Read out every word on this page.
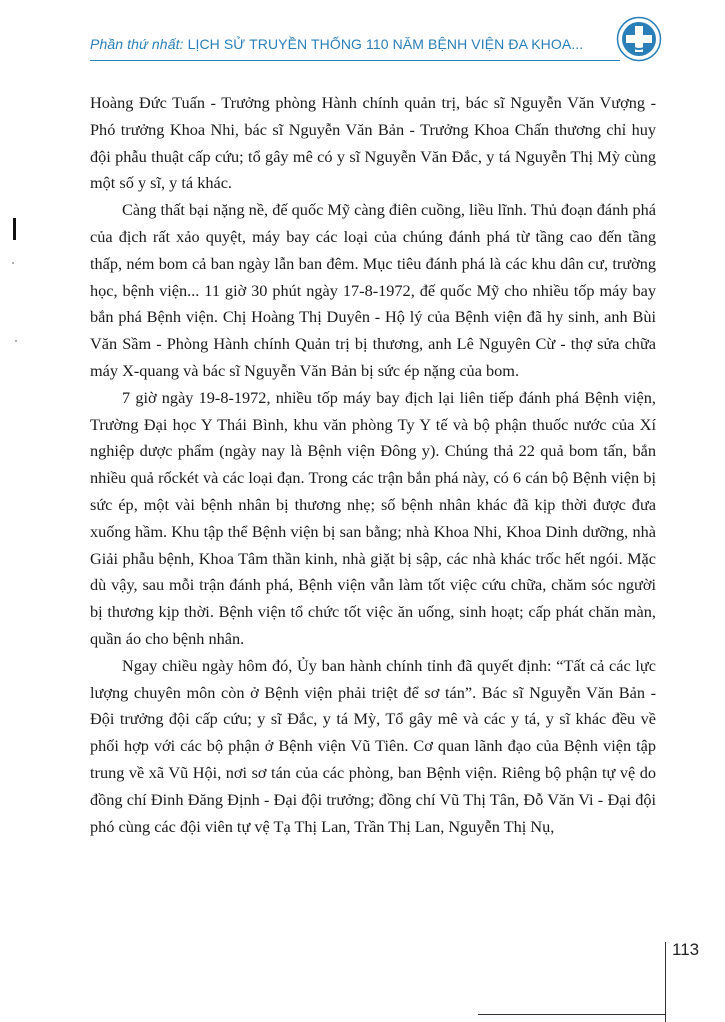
Phần thứ nhất: LỊCH SỬ TRUYỀN THỐNG 110 NĂM BỆNH VIỆN ĐA KHOA...

Hoàng Đức Tuấn - Trưởng phòng Hành chính quản trị, bác sĩ Nguyễn Văn Vượng - Phó trưởng Khoa Nhi, bác sĩ Nguyễn Văn Bản - Trưởng Khoa Chấn thương chỉ huy đội phẫu thuật cấp cứu; tổ gây mê có y sĩ Nguyễn Văn Đắc, y tá Nguyễn Thị Mỳ cùng một số y sĩ, y tá khác.

Càng thất bại nặng nề, đế quốc Mỹ càng điên cuồng, liều lĩnh. Thủ đoạn đánh phá của địch rất xảo quyệt, máy bay các loại của chúng đánh phá từ tầng cao đến tầng thấp, ném bom cả ban ngày lẫn ban đêm. Mục tiêu đánh phá là các khu dân cư, trường học, bệnh viện... 11 giờ 30 phút ngày 17-8-1972, đế quốc Mỹ cho nhiều tốp máy bay bắn phá Bệnh viện. Chị Hoàng Thị Duyên - Hộ lý của Bệnh viện đã hy sinh, anh Bùi Văn Sầm - Phòng Hành chính Quản trị bị thương, anh Lê Nguyên Cừ - thợ sửa chữa máy X-quang và bác sĩ Nguyễn Văn Bản bị sức ép nặng của bom.

7 giờ ngày 19-8-1972, nhiều tốp máy bay địch lại liên tiếp đánh phá Bệnh viện, Trường Đại học Y Thái Bình, khu văn phòng Ty Y tế và bộ phận thuốc nước của Xí nghiệp dược phẩm (ngày nay là Bệnh viện Đông y). Chúng thả 22 quả bom tấn, bắn nhiều quả rốckét và các loại đạn. Trong các trận bắn phá này, có 6 cán bộ Bệnh viện bị sức ép, một vài bệnh nhân bị thương nhẹ; số bệnh nhân khác đã kịp thời được đưa xuống hầm. Khu tập thể Bệnh viện bị san bằng; nhà Khoa Nhi, Khoa Dinh dưỡng, nhà Giải phẫu bệnh, Khoa Tâm thần kinh, nhà giặt bị sập, các nhà khác trốc hết ngói. Mặc dù vậy, sau mỗi trận đánh phá, Bệnh viện vẫn làm tốt việc cứu chữa, chăm sóc người bị thương kịp thời. Bệnh viện tổ chức tốt việc ăn uống, sinh hoạt; cấp phát chăn màn, quần áo cho bệnh nhân.

Ngay chiều ngày hôm đó, Ủy ban hành chính tỉnh đã quyết định: “Tất cả các lực lượng chuyên môn còn ở Bệnh viện phải triệt để sơ tán”. Bác sĩ Nguyễn Văn Bản - Đội trưởng đội cấp cứu; y sĩ Đắc, y tá Mỳ, Tổ gây mê và các y tá, y sĩ khác đều về phối hợp với các bộ phận ở Bệnh viện Vũ Tiên. Cơ quan lãnh đạo của Bệnh viện tập trung về xã Vũ Hội, nơi sơ tán của các phòng, ban Bệnh viện. Riêng bộ phận tự vệ do đồng chí Đinh Đăng Định - Đại đội trưởng; đồng chí Vũ Thị Tân, Đỗ Văn Vi - Đại đội phó cùng các đội viên tự vệ Tạ Thị Lan, Trần Thị Lan, Nguyễn Thị Nụ,

113
